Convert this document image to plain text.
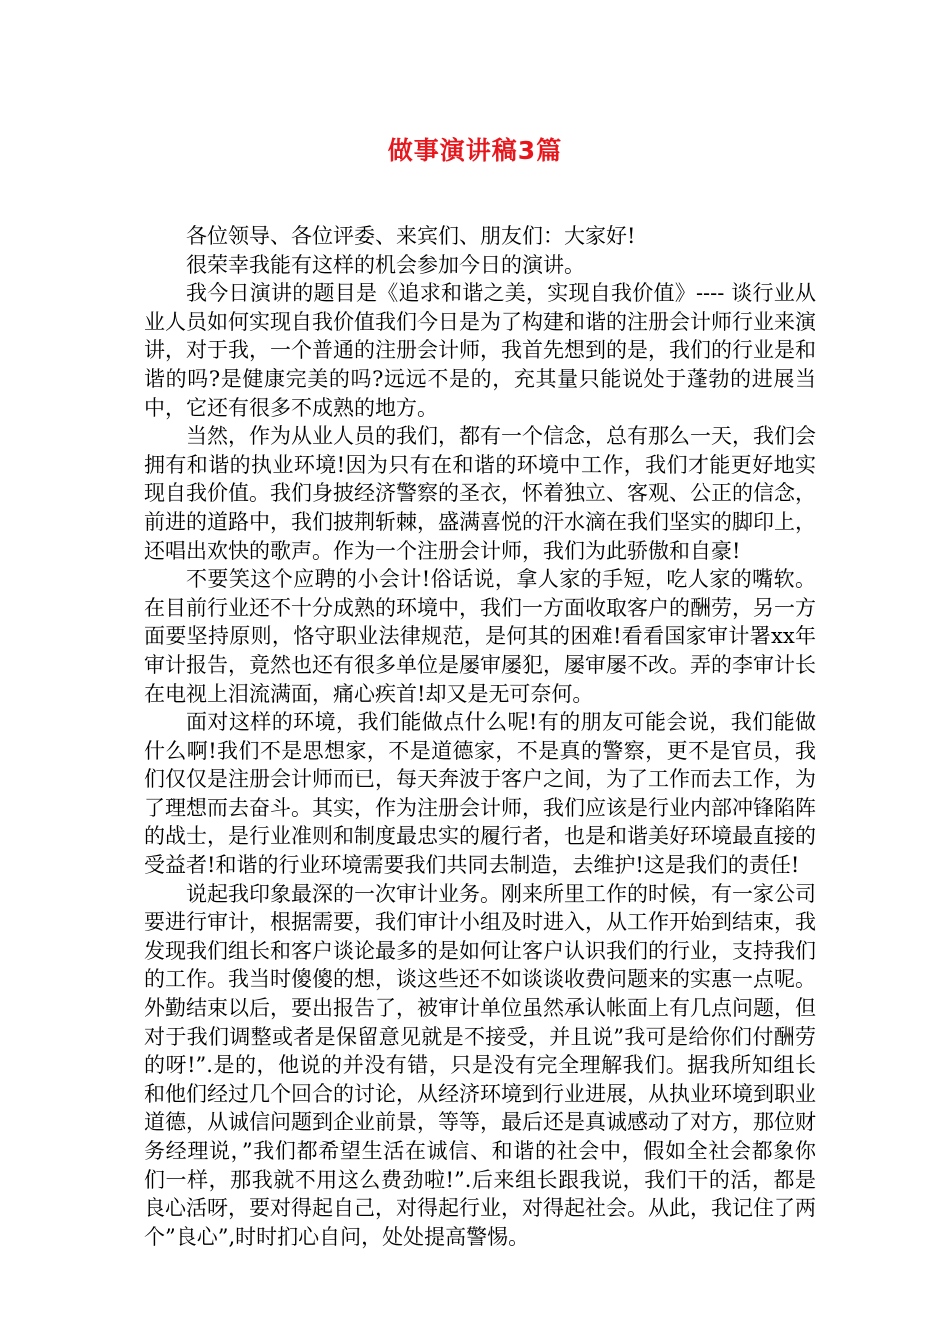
做事演讲稿3篇

各位领导、各位评委、来宾们、朋友们：大家好!

很荣幸我能有这样的机会参加今日的演讲。

我今日演讲的题目是《追求和谐之美，实现自我价值》---- 谈行业从业人员如何实现自我价值我们今日是为了构建和谐的注册会计师行业来演讲，对于我，一个普通的注册会计师，我首先想到的是，我们的行业是和谐的吗?是健康完美的吗?远远不是的，充其量只能说处于蓬勃的进展当中，它还有很多不成熟的地方。

当然，作为从业人员的我们，都有一个信念，总有那么一天，我们会拥有和谐的执业环境!因为只有在和谐的环境中工作，我们才能更好地实现自我价值。我们身披经济警察的圣衣，怀着独立、客观、公正的信念，前进的道路中，我们披荆斩棘，盛满喜悦的汗水滴在我们坚实的脚印上，还唱出欢快的歌声。作为一个注册会计师，我们为此骄傲和自豪!

不要笑这个应聘的小会计!俗话说，拿人家的手短，吃人家的嘴软。在目前行业还不十分成熟的环境中，我们一方面收取客户的酬劳，另一方面要坚持原则，恪守职业法律规范，是何其的困难!看看国家审计署xx年审计报告，竟然也还有很多单位是屡审屡犯，屡审屡不改。弄的李审计长在电视上泪流满面，痛心疾首!却又是无可奈何。

面对这样的环境，我们能做点什么呢!有的朋友可能会说，我们能做什么啊!我们不是思想家，不是道德家，不是真的警察，更不是官员，我们仅仅是注册会计师而已，每天奔波于客户之间，为了工作而去工作，为了理想而去奋斗。其实，作为注册会计师，我们应该是行业内部冲锋陷阵的战士，是行业准则和制度最忠实的履行者，也是和谐美好环境最直接的受益者!和谐的行业环境需要我们共同去制造，去维护!这是我们的责任!

说起我印象最深的一次审计业务。刚来所里工作的时候，有一家公司要进行审计，根据需要，我们审计小组及时进入，从工作开始到结束，我发现我们组长和客户谈论最多的是如何让客户认识我们的行业，支持我们的工作。我当时傻傻的想，谈这些还不如谈谈收费问题来的实惠一点呢。外勤结束以后，要出报告了，被审计单位虽然承认帐面上有几点问题，但对于我们调整或者是保留意见就是不接受，并且说”我可是给你们付酬劳的呀!”.是的，他说的并没有错，只是没有完全理解我们。据我所知组长和他们经过几个回合的讨论，从经济环境到行业进展，从执业环境到职业道德，从诚信问题到企业前景，等等，最后还是真诚感动了对方，那位财务经理说，”我们都希望生活在诚信、和谐的社会中，假如全社会都象你们一样，那我就不用这么费劲啦!”.后来组长跟我说，我们干的活，都是良心活呀，要对得起自己，对得起行业，对得起社会。从此，我记住了两个”良心”,时时扪心自问，处处提高警惕。
